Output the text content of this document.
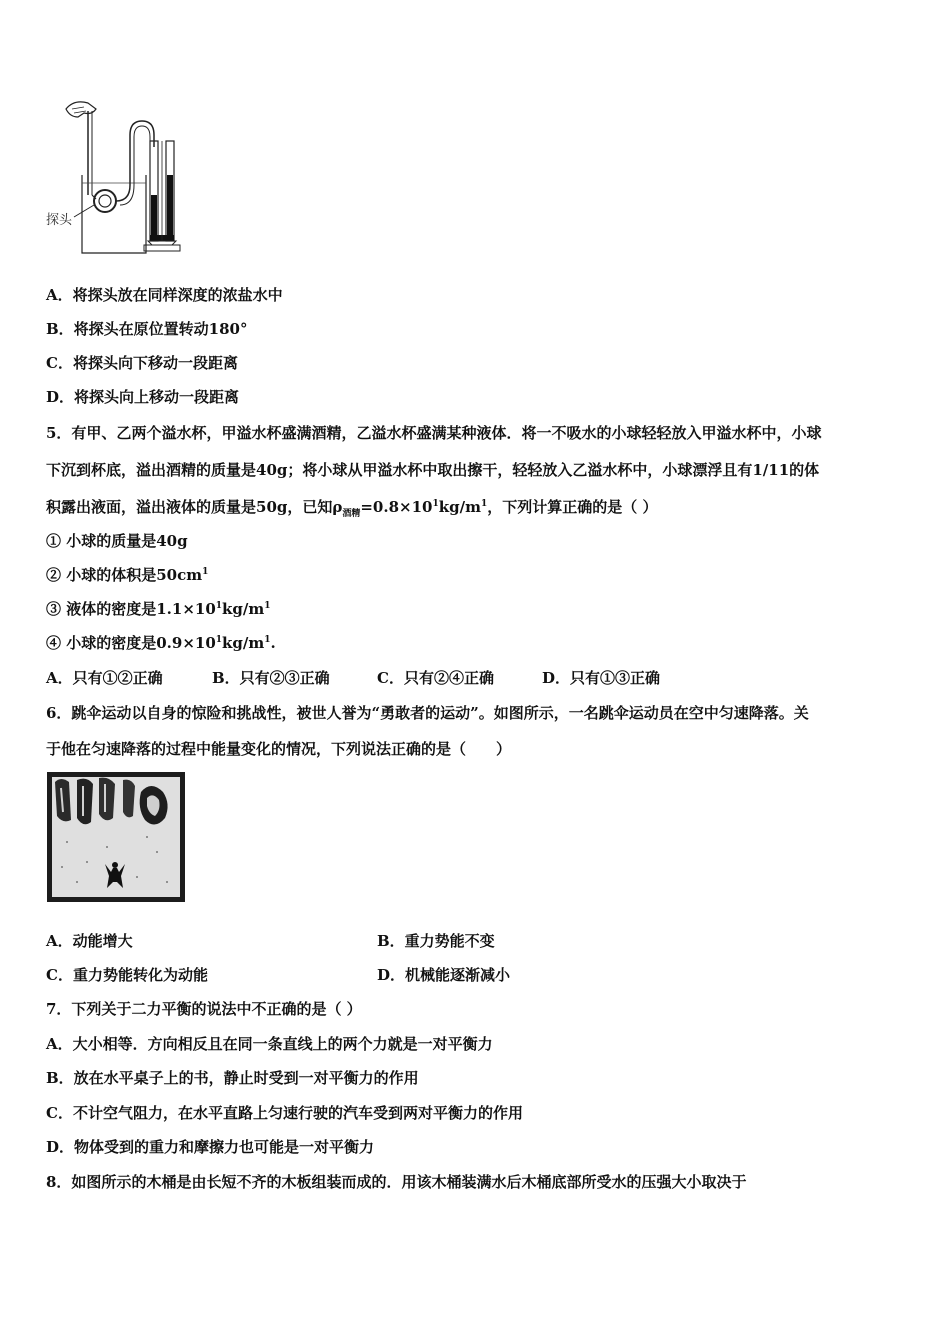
探头
A．将探头放在同样深度的浓盐水中
B．将探头在原位置转动180°
C．将探头向下移动一段距离
D．将探头向上移动一段距离
5．有甲、乙两个溢水杯，甲溢水杯盛满酒精，乙溢水杯盛满某种液体．将一不吸水的小球轻轻放入甲溢水杯中，小球
下沉到杯底，溢出酒精的质量是40g；将小球从甲溢水杯中取出擦干，轻轻放入乙溢水杯中，小球漂浮且有1/11的体
积露出液面，溢出液体的质量是50g，已知$\rho_{酒精}=0.8\times 10^1kg/m^1$，下列计算正确的是（ ）
① 小球的质量是40g
② 小球的体积是$50cm^1$
③ 液体的密度是$1.1\times 10^1kg/m^1$
④ 小球的密度是$0.9\times 10^1kg/m^1$.
A．只有①②正确	B．只有②③正确	C．只有②④正确	D．只有①③正确
6．跳伞运动以自身的惊险和挑战性，被世人誉为“勇敢者的运动”。如图所示，一名跳伞运动员在空中匀速降落。关
于他在匀速降落的过程中能量变化的情况，下列说法正确的是（　　）
A．动能增大	B．重力势能不变
C．重力势能转化为动能	D．机械能逐渐减小
7．下列关于二力平衡的说法中不正确的是（ ）
A．大小相等．方向相反且在同一条直线上的两个力就是一对平衡力
B．放在水平桌子上的书，静止时受到一对平衡力的作用
C．不计空气阻力，在水平直路上匀速行驶的汽车受到两对平衡力的作用
D．物体受到的重力和摩擦力也可能是一对平衡力
8．如图所示的木桶是由长短不齐的木板组装而成的．用该木桶装满水后木桶底部所受水的压强大小取决于
